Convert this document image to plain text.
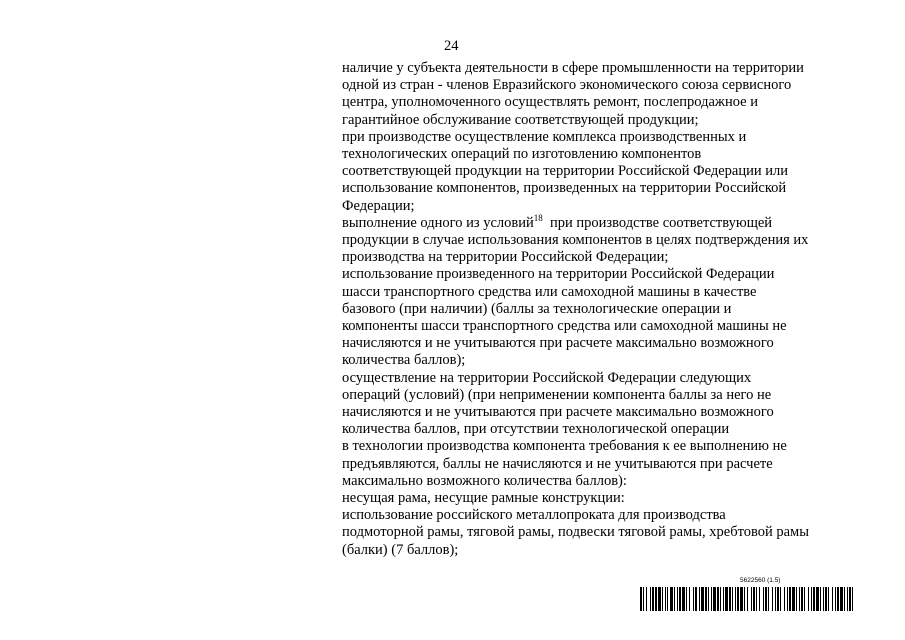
24
наличие у субъекта деятельности в сфере промышленности на территории
одной из стран - членов Евразийского экономического союза сервисного
центра, уполномоченного осуществлять ремонт, послепродажное и
гарантийное обслуживание соответствующей продукции;
при производстве осуществление комплекса производственных и
технологических операций по изготовлению компонентов
соответствующей продукции на территории Российской Федерации или
использование компонентов, произведенных на территории Российской
Федерации;
выполнение одного из условий$^{18}$  при производстве соответствующей
продукции в случае использования компонентов в целях подтверждения их
производства на территории Российской Федерации;
использование произведенного на территории Российской Федерации
шасси транспортного средства или самоходной машины в качестве
базового (при наличии) (баллы за технологические операции и
компоненты шасси транспортного средства или самоходной машины не
начисляются и не учитываются при расчете максимально возможного
количества баллов);
осуществление на территории Российской Федерации следующих
операций (условий) (при неприменении компонента баллы за него не
начисляются и не учитываются при расчете максимально возможного
количества баллов, при отсутствии технологической операции
в технологии производства компонента требования к ее выполнению не
предъявляются, баллы не начисляются и не учитываются при расчете
максимально возможного количества баллов):
несущая рама, несущие рамные конструкции:
использование российского металлопроката для производства
подмоторной рамы, тяговой рамы, подвески тяговой рамы, хребтовой рамы
(балки) (7 баллов);
5622560 (1.5)
